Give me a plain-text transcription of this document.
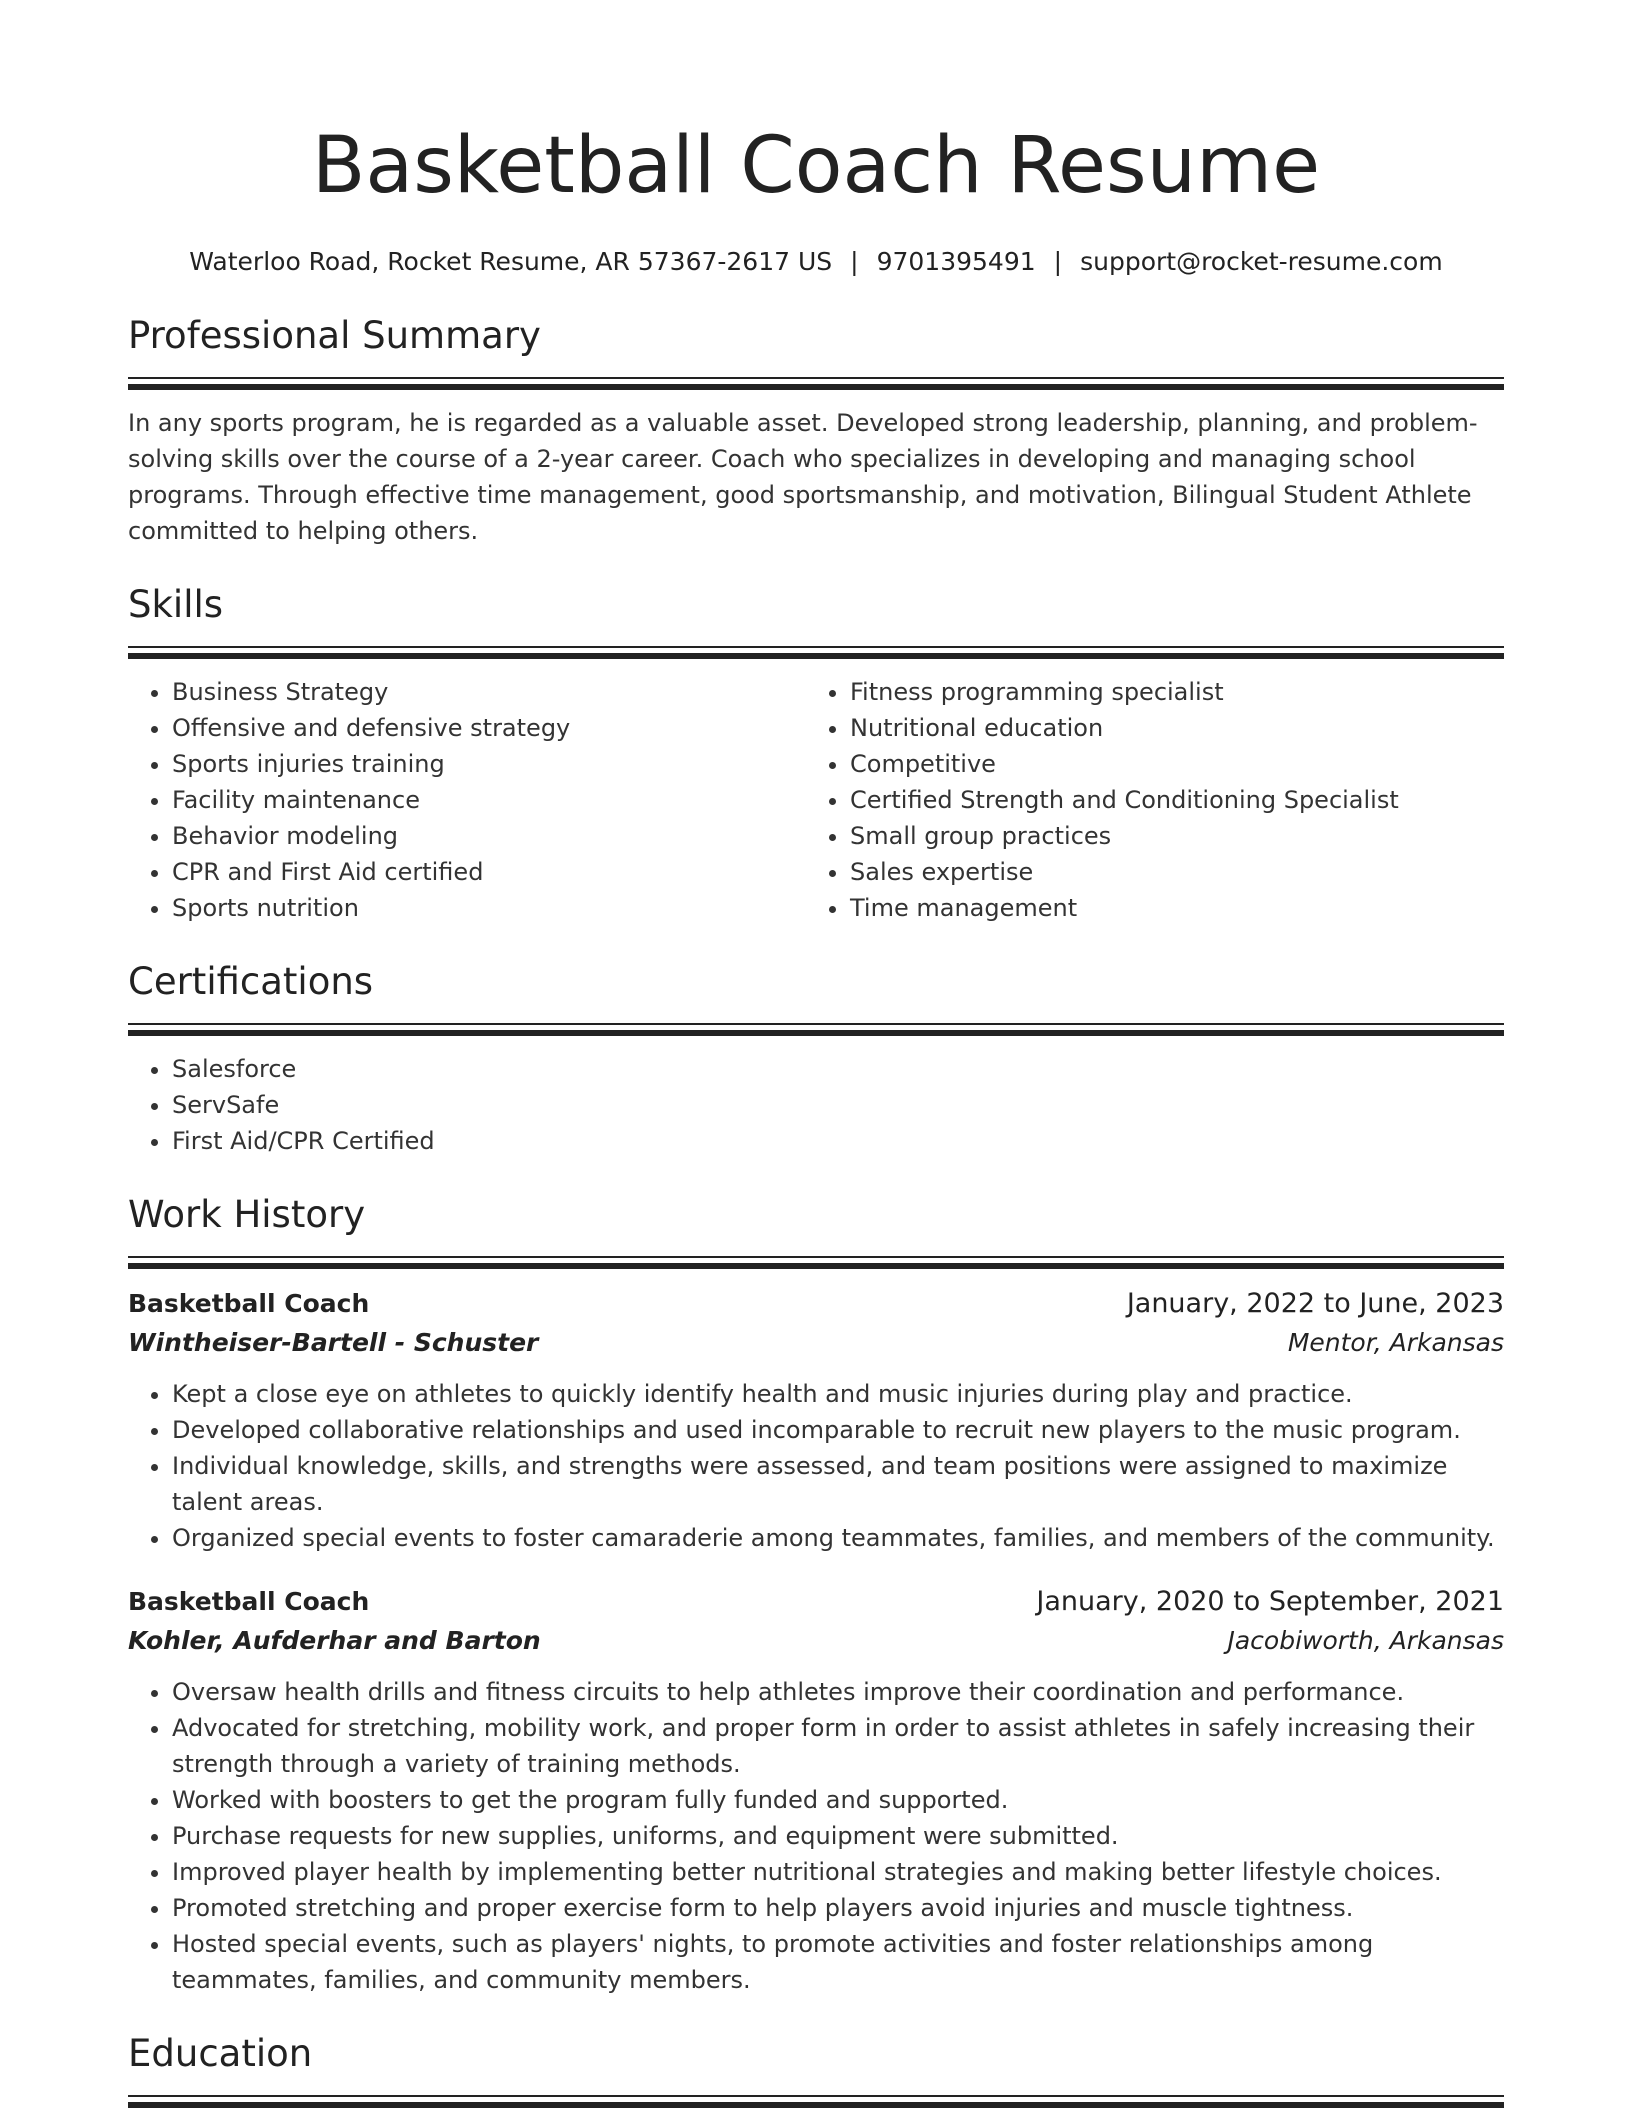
Basketball Coach Resume
Waterloo Road, Rocket Resume, AR 57367-2617 US | 9701395491 | support@rocket-resume.com
Professional Summary

In any sports program, he is regarded as a valuable asset. Developed strong leadership, planning, and problem-solving skills over the course of a 2-year career. Coach who specializes in developing and managing school programs. Through effective time management, good sportsmanship, and motivation, Bilingual Student Athlete committed to helping others.

Skills
• Business Strategy
• Offensive and defensive strategy
• Sports injuries training
• Facility maintenance
• Behavior modeling
• CPR and First Aid certified
• Sports nutrition
• Fitness programming specialist
• Nutritional education
• Competitive
• Certified Strength and Conditioning Specialist
• Small group practices
• Sales expertise
• Time management
Certifications
• Salesforce
• ServSafe
• First Aid/CPR Certified
Work History
Basketball Coach	January, 2022 to June, 2023
Wintheiser-Bartell - Schuster	Mentor, Arkansas
• Kept a close eye on athletes to quickly identify health and music injuries during play and practice.
• Developed collaborative relationships and used incomparable to recruit new players to the music program.
• Individual knowledge, skills, and strengths were assessed, and team positions were assigned to maximize talent areas.
• Organized special events to foster camaraderie among teammates, families, and members of the community.
Basketball Coach	January, 2020 to September, 2021
Kohler, Aufderhar and Barton	Jacobiworth, Arkansas
• Oversaw health drills and fitness circuits to help athletes improve their coordination and performance.
• Advocated for stretching, mobility work, and proper form in order to assist athletes in safely increasing their strength through a variety of training methods.
• Worked with boosters to get the program fully funded and supported.
• Purchase requests for new supplies, uniforms, and equipment were submitted.
• Improved player health by implementing better nutritional strategies and making better lifestyle choices.
• Promoted stretching and proper exercise form to help players avoid injuries and muscle tightness.
• Hosted special events, such as players' nights, to promote activities and foster relationships among teammates, families, and community members.
Education
